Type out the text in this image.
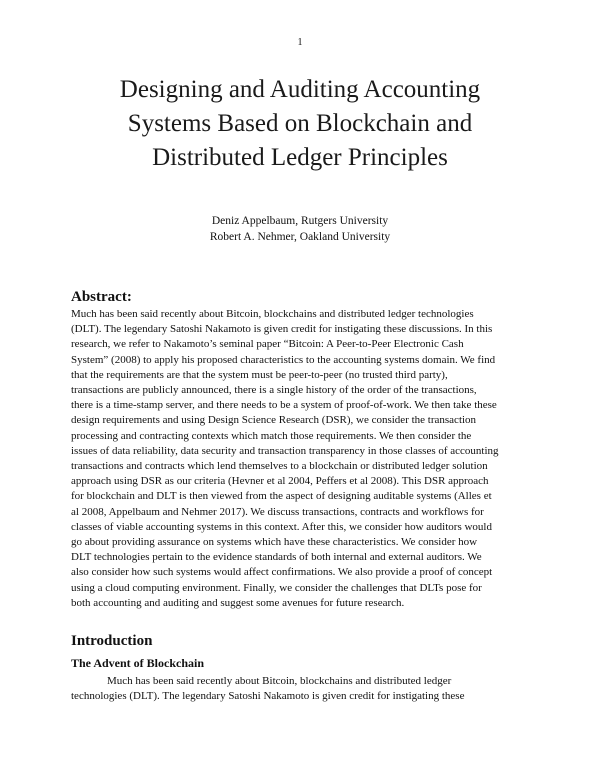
1
Designing and Auditing Accounting
Systems Based on Blockchain and
Distributed Ledger Principles
Deniz Appelbaum, Rutgers University
Robert A. Nehmer, Oakland University
Abstract:

Much has been said recently about Bitcoin, blockchains and distributed ledger technologies
(DLT). The legendary Satoshi Nakamoto is given credit for instigating these discussions. In this
research, we refer to Nakamoto’s seminal paper “Bitcoin: A Peer-to-Peer Electronic Cash
System” (2008) to apply his proposed characteristics to the accounting systems domain. We find
that the requirements are that the system must be peer-to-peer (no trusted third party),
transactions are publicly announced, there is a single history of the order of the transactions,
there is a time-stamp server, and there needs to be a system of proof-of-work. We then take these
design requirements and using Design Science Research (DSR), we consider the transaction
processing and contracting contexts which match those requirements. We then consider the
issues of data reliability, data security and transaction transparency in those classes of accounting
transactions and contracts which lend themselves to a blockchain or distributed ledger solution
approach using DSR as our criteria (Hevner et al 2004, Peffers et al 2008). This DSR approach
for blockchain and DLT is then viewed from the aspect of designing auditable systems (Alles et
al 2008, Appelbaum and Nehmer 2017). We discuss transactions, contracts and workflows for
classes of viable accounting systems in this context. After this, we consider how auditors would
go about providing assurance on systems which have these characteristics. We consider how
DLT technologies pertain to the evidence standards of both internal and external auditors. We
also consider how such systems would affect confirmations. We also provide a proof of concept
using a cloud computing environment. Finally, we consider the challenges that DLTs pose for
both accounting and auditing and suggest some avenues for future research.

Introduction
The Advent of Blockchain

Much has been said recently about Bitcoin, blockchains and distributed ledger
technologies (DLT). The legendary Satoshi Nakamoto is given credit for instigating these
